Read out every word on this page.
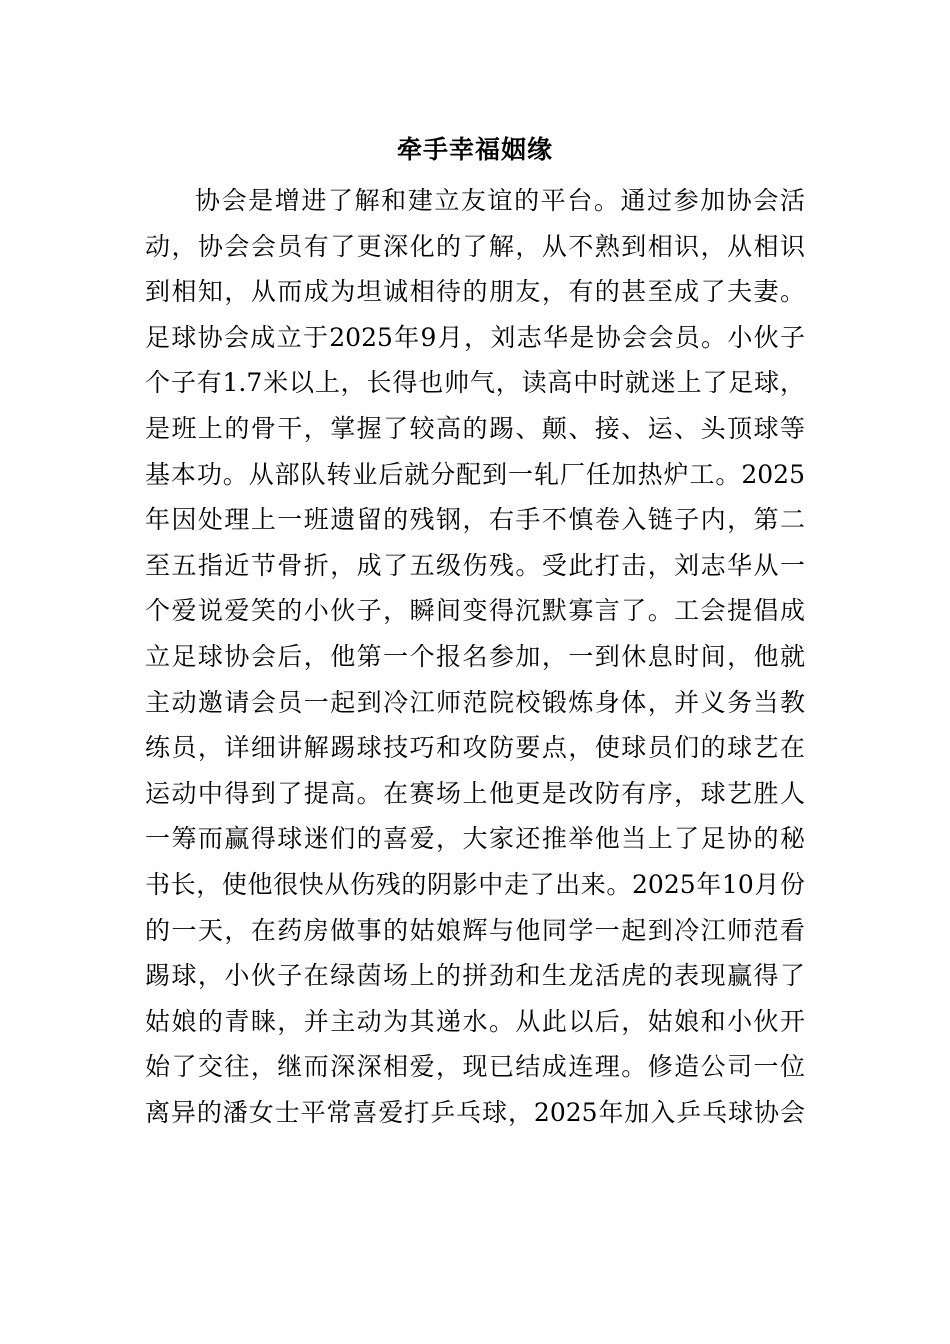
牵手幸福姻缘
协会是增进了解和建立友谊的平台。通过参加协会活
动，协会会员有了更深化的了解，从不熟到相识，从相识
到相知，从而成为坦诚相待的朋友，有的甚至成了夫妻。
足球协会成立于2025年9月，刘志华是协会会员。小伙子
个子有1.7米以上，长得也帅气，读高中时就迷上了足球，
是班上的骨干，掌握了较高的踢、颠、接、运、头顶球等
基本功。从部队转业后就分配到一轧厂任加热炉工。2025
年因处理上一班遗留的残钢，右手不慎卷入链子内，第二
至五指近节骨折，成了五级伤残。受此打击，刘志华从一
个爱说爱笑的小伙子，瞬间变得沉默寡言了。工会提倡成
立足球协会后，他第一个报名参加，一到休息时间，他就
主动邀请会员一起到冷江师范院校锻炼身体，并义务当教
练员，详细讲解踢球技巧和攻防要点，使球员们的球艺在
运动中得到了提高。在赛场上他更是改防有序，球艺胜人
一筹而赢得球迷们的喜爱，大家还推举他当上了足协的秘
书长，使他很快从伤残的阴影中走了出来。2025年10月份
的一天，在药房做事的姑娘辉与他同学一起到冷江师范看
踢球，小伙子在绿茵场上的拼劲和生龙活虎的表现赢得了
姑娘的青睐，并主动为其递水。从此以后，姑娘和小伙开
始了交往，继而深深相爱，现已结成连理。修造公司一位
离异的潘女士平常喜爱打乒乓球，2025年加入乒乓球协会
